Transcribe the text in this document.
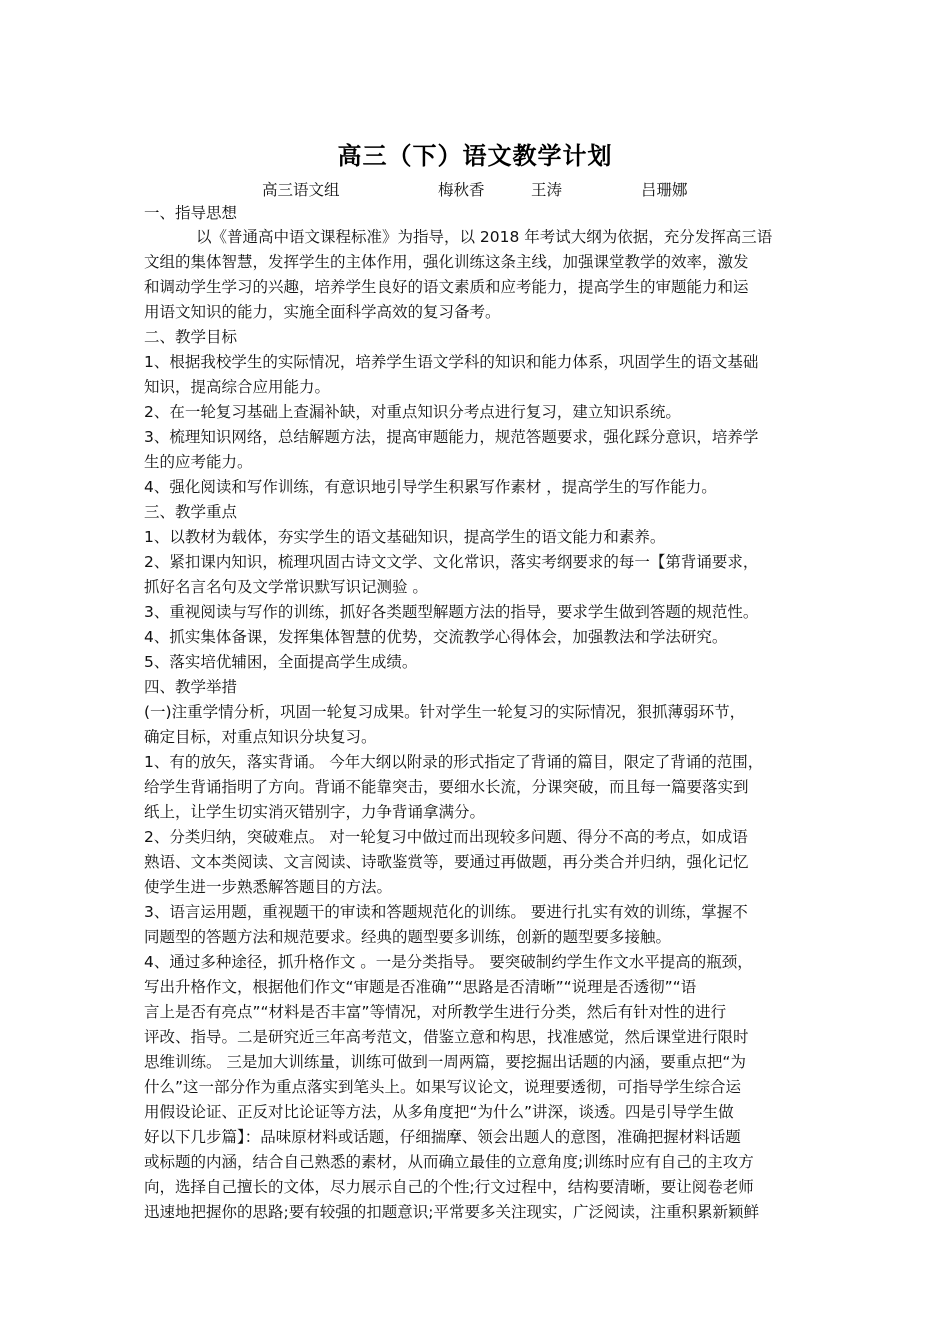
高三（下）语文教学计划
高三语文组	梅秋香	王涛	吕珊娜
一、指导思想
以《普通高中语文课程标准》为指导，以 2018 年考试大纲为依据，充分发挥高三语
文组的集体智慧，发挥学生的主体作用，强化训练这条主线，加强课堂教学的效率，激发
和调动学生学习的兴趣，培养学生良好的语文素质和应考能力，提高学生的审题能力和运
用语文知识的能力，实施全面科学高效的复习备考。
二、教学目标
1、根据我校学生的实际情况，培养学生语文学科的知识和能力体系，巩固学生的语文基础
知识，提高综合应用能力。
2、在一轮复习基础上查漏补缺，对重点知识分考点进行复习，建立知识系统。
3、梳理知识网络，总结解题方法，提高审题能力，规范答题要求，强化踩分意识，培养学
生的应考能力。
4、强化阅读和写作训练，有意识地引导学生积累写作素材 ，提高学生的写作能力。
三、教学重点
1、以教材为载体，夯实学生的语文基础知识，提高学生的语文能力和素养。
2、紧扣课内知识，梳理巩固古诗文文学、文化常识，落实考纲要求的每一【第背诵要求，
抓好名言名句及文学常识默写识记测验 。
3、重视阅读与写作的训练，抓好各类题型解题方法的指导，要求学生做到答题的规范性。
4、抓实集体备课，发挥集体智慧的优势，交流教学心得体会，加强教法和学法研究。
5、落实培优辅困，全面提高学生成绩。
四、教学举措
(一)注重学情分析，巩固一轮复习成果。针对学生一轮复习的实际情况，狠抓薄弱环节，
确定目标，对重点知识分块复习。
1、有的放矢，落实背诵。 今年大纲以附录的形式指定了背诵的篇目，限定了背诵的范围，
给学生背诵指明了方向。背诵不能靠突击，要细水长流，分课突破，而且每一篇要落实到
纸上，让学生切实消灭错别字，力争背诵拿满分。
2、分类归纳，突破难点。 对一轮复习中做过而出现较多问题、得分不高的考点，如成语
熟语、文本类阅读、文言阅读、诗歌鉴赏等，要通过再做题，再分类合并归纳，强化记忆
使学生进一步熟悉解答题目的方法。
3、语言运用题，重视题干的审读和答题规范化的训练。 要进行扎实有效的训练，掌握不
同题型的答题方法和规范要求。经典的题型要多训练，创新的题型要多接触。
4、通过多种途径，抓升格作文 。一是分类指导。 要突破制约学生作文水平提高的瓶颈，
写出升格作文，根据他们作文“审题是否准确”“思路是否清晰”“说理是否透彻”“语
言上是否有亮点”“材料是否丰富”等情况，对所教学生进行分类，然后有针对性的进行
评改、指导。二是研究近三年高考范文，借鉴立意和构思，找准感觉，然后课堂进行限时
思维训练。 三是加大训练量，训练可做到一周两篇，要挖掘出话题的内涵，要重点把“为
什么”这一部分作为重点落实到笔头上。如果写议论文，说理要透彻，可指导学生综合运
用假设论证、正反对比论证等方法，从多角度把“为什么”讲深，谈透。四是引导学生做
好以下几步篇】：品味原材料或话题，仔细揣摩、领会出题人的意图，准确把握材料话题
或标题的内涵，结合自己熟悉的素材，从而确立最佳的立意角度;训练时应有自己的主攻方
向，选择自己擅长的文体，尽力展示自己的个性;行文过程中，结构要清晰，要让阅卷老师
迅速地把握你的思路;要有较强的扣题意识;平常要多关注现实，广泛阅读，注重积累新颖鲜
